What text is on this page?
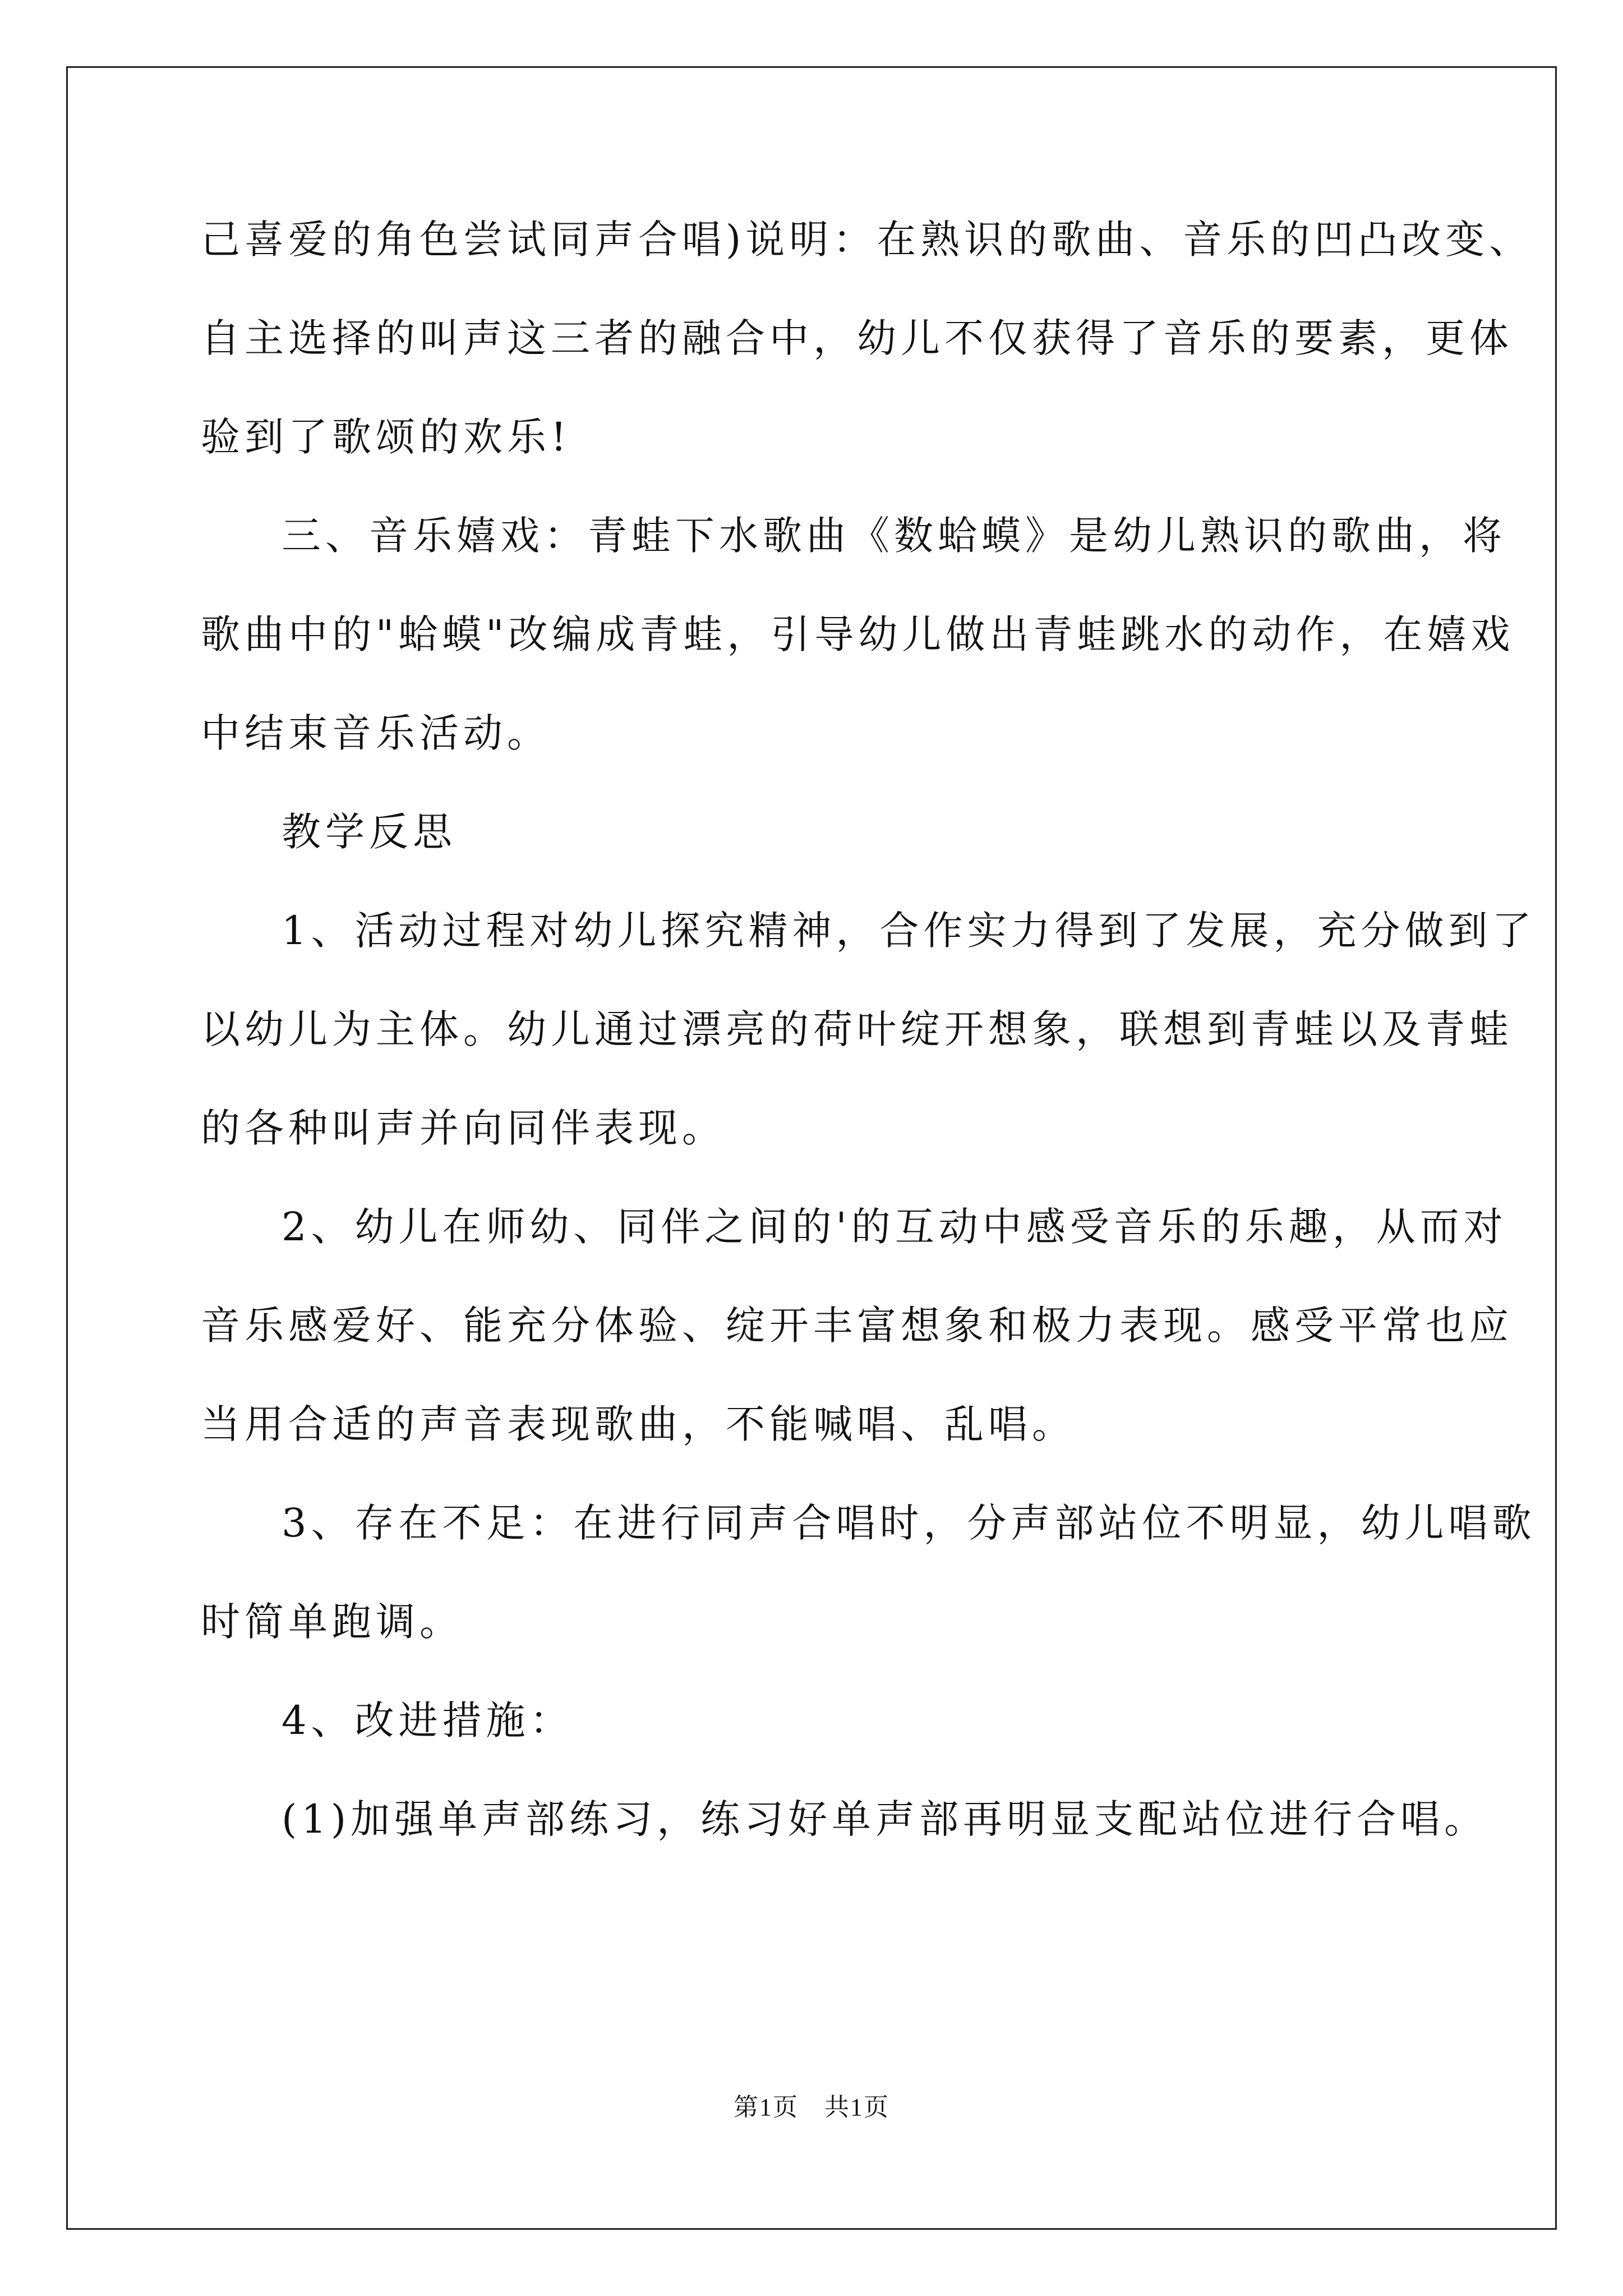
己喜爱的角色尝试同声合唱)说明：在熟识的歌曲、音乐的凹凸改变、
自主选择的叫声这三者的融合中，幼儿不仅获得了音乐的要素，更体
验到了歌颂的欢乐!
三、音乐嬉戏：青蛙下水歌曲《数蛤蟆》是幼儿熟识的歌曲，将
歌曲中的"蛤蟆"改编成青蛙，引导幼儿做出青蛙跳水的动作，在嬉戏
中结束音乐活动。
教学反思
1、活动过程对幼儿探究精神，合作实力得到了发展，充分做到了
以幼儿为主体。幼儿通过漂亮的荷叶绽开想象，联想到青蛙以及青蛙
的各种叫声并向同伴表现。
2、幼儿在师幼、同伴之间的'的互动中感受音乐的乐趣，从而对
音乐感爱好、能充分体验、绽开丰富想象和极力表现。感受平常也应
当用合适的声音表现歌曲，不能喊唱、乱唱。
3、存在不足：在进行同声合唱时，分声部站位不明显，幼儿唱歌
时简单跑调。
4、改进措施：
(1)加强单声部练习，练习好单声部再明显支配站位进行合唱。
第1页　共1页
